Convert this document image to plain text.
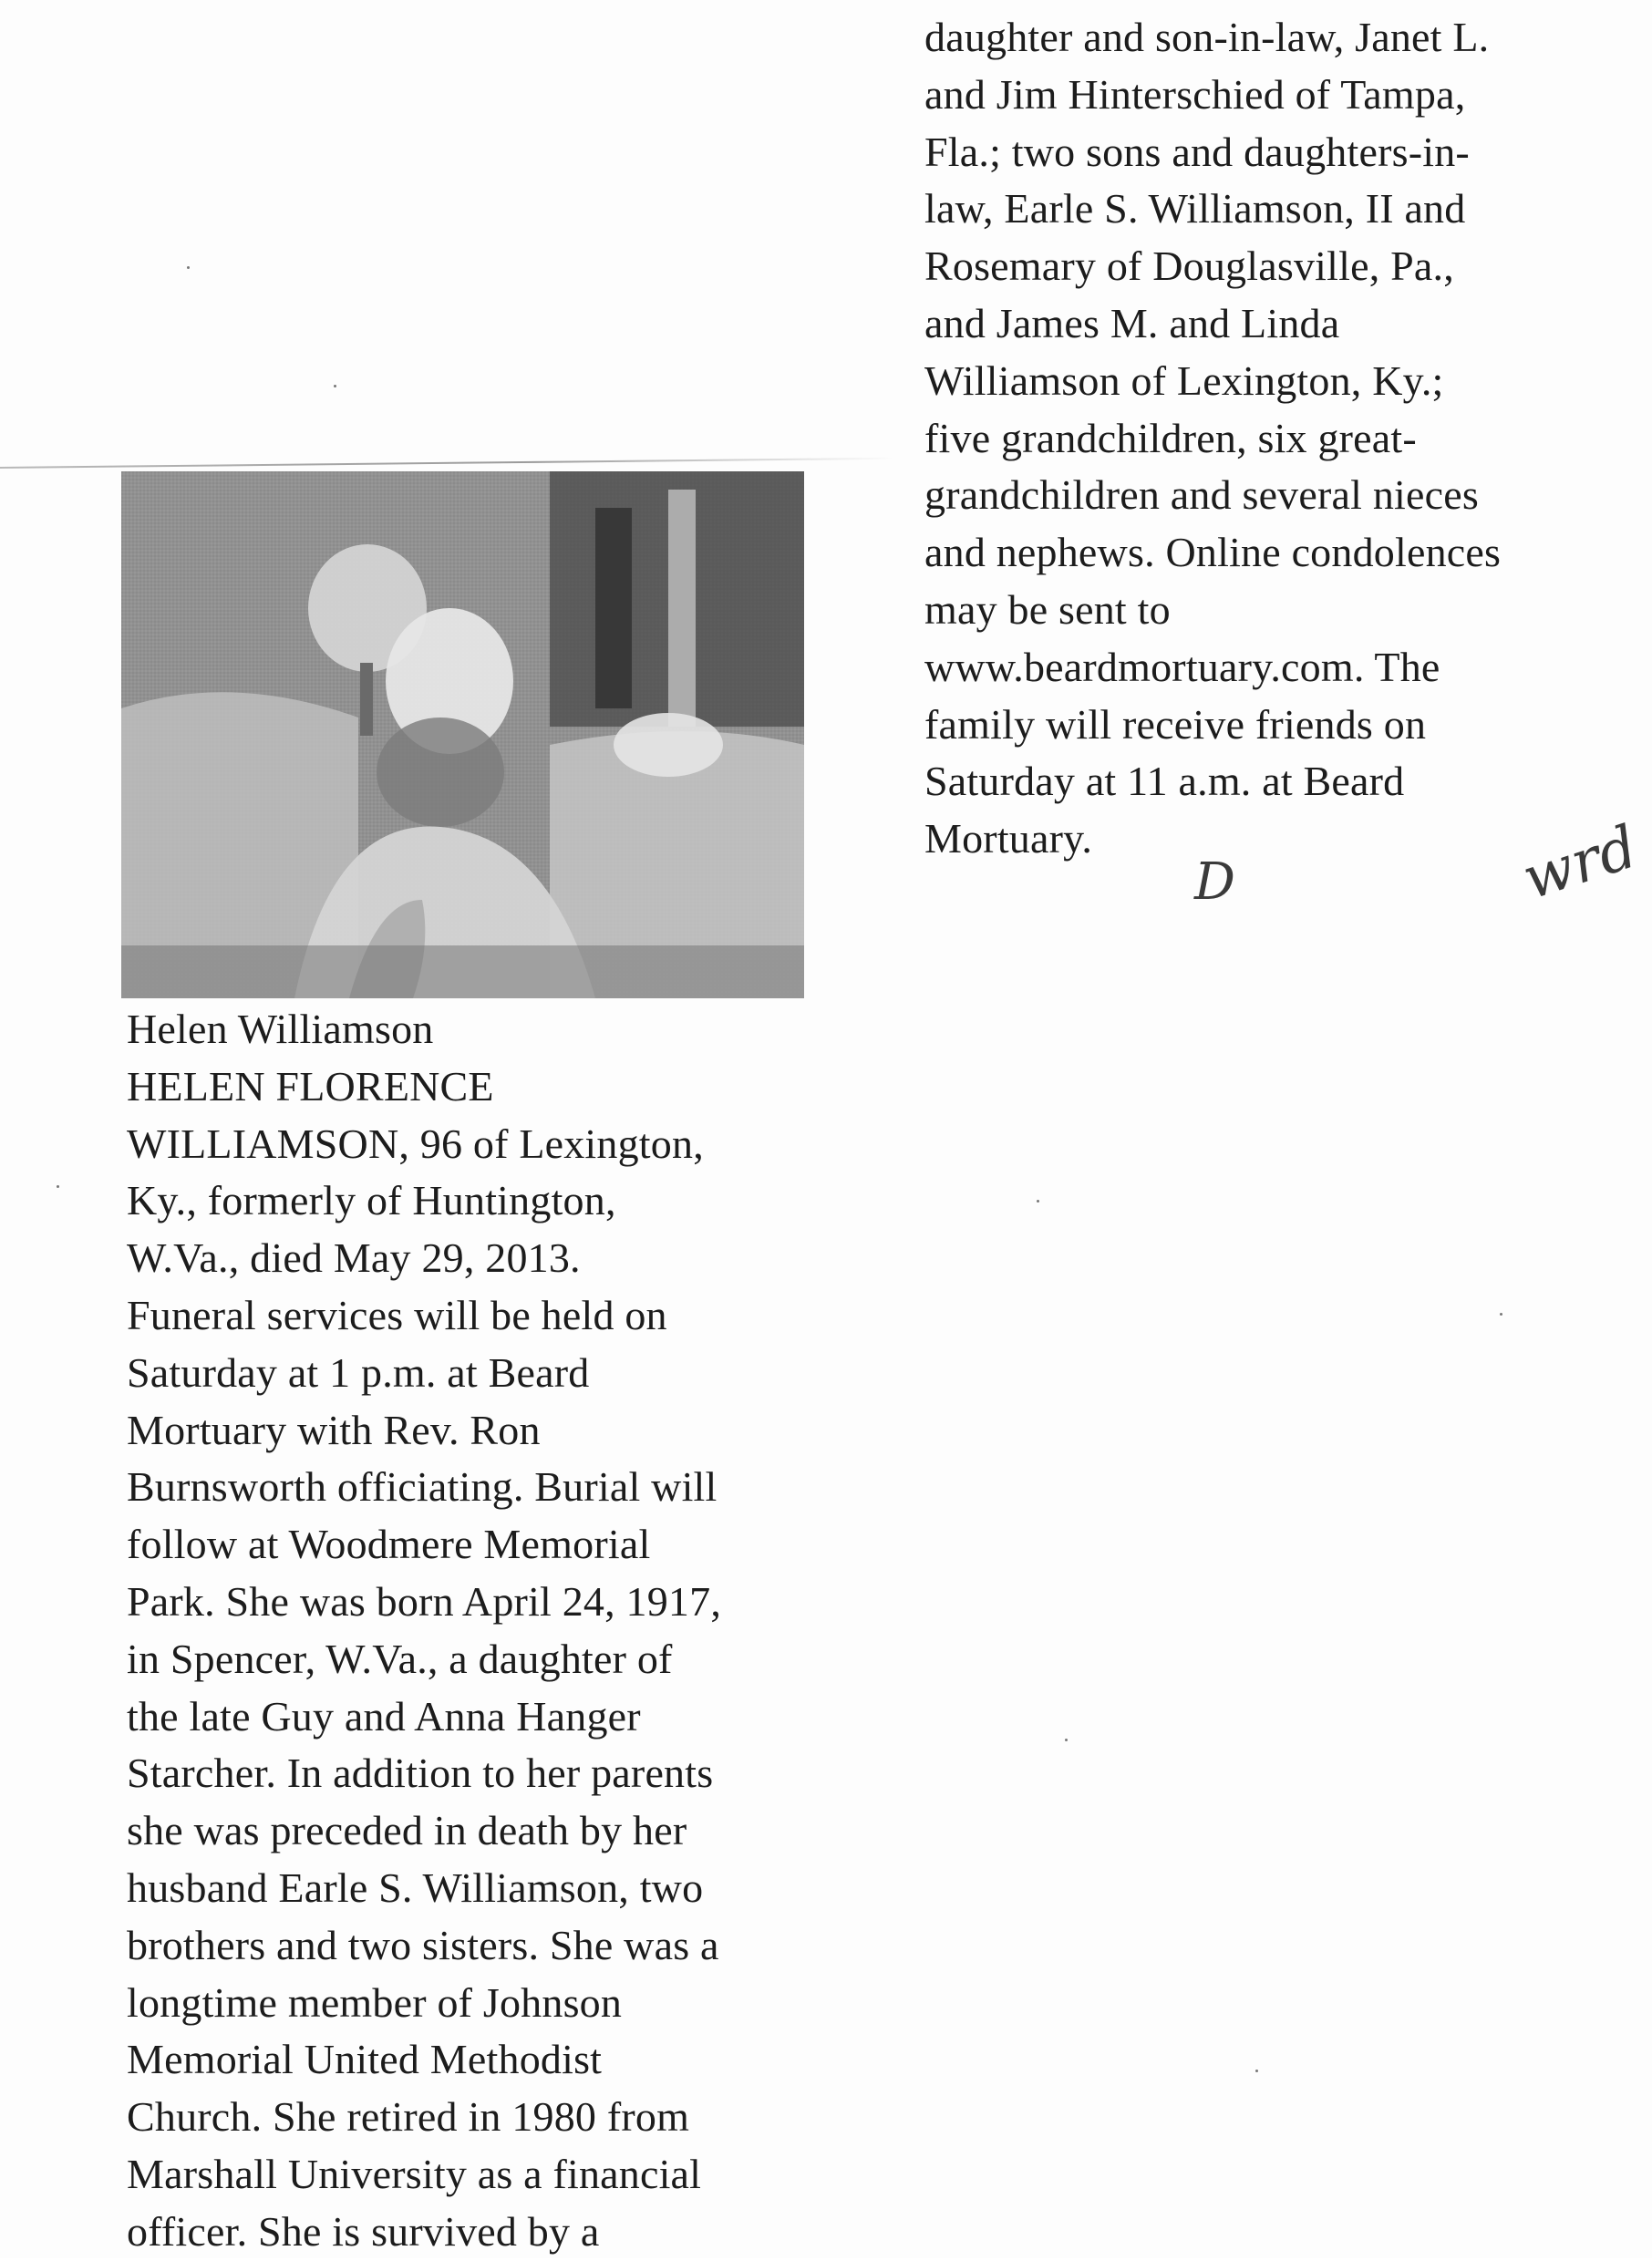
daughter and son-in-law, Janet L.
and Jim Hinterschied of Tampa,
Fla.; two sons and daughters-in-
law, Earle S. Williamson, II and
Rosemary of Douglasville, Pa.,
and James M. and Linda
Williamson of Lexington, Ky.;
five grandchildren, six great-
grandchildren and several nieces
and nephews. Online condolences
may be sent to
www.beardmortuary.com. The
family will receive friends on
Saturday at 11 a.m. at Beard
Mortuary.
D	wrd
Helen Williamson
HELEN FLORENCE
WILLIAMSON, 96 of Lexington,
Ky., formerly of Huntington,
W.Va., died May 29, 2013.
Funeral services will be held on
Saturday at 1 p.m. at Beard
Mortuary with Rev. Ron
Burnsworth officiating. Burial will
follow at Woodmere Memorial
Park. She was born April 24, 1917,
in Spencer, W.Va., a daughter of
the late Guy and Anna Hanger
Starcher. In addition to her parents
she was preceded in death by her
husband Earle S. Williamson, two
brothers and two sisters. She was a
longtime member of Johnson
Memorial United Methodist
Church. She retired in 1980 from
Marshall University as a financial
officer. She is survived by a
